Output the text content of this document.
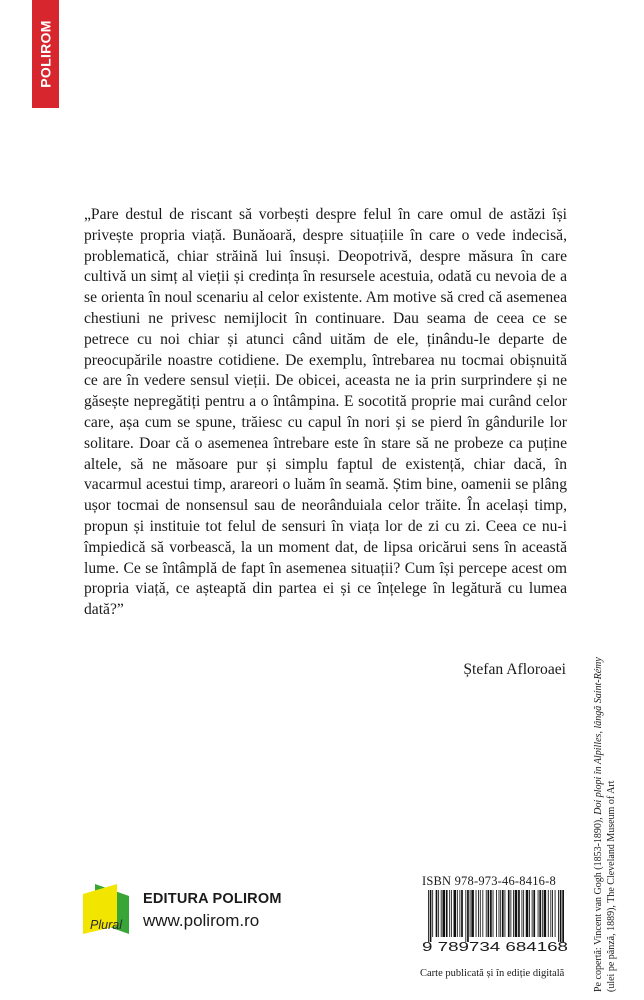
POLIROM

„Pare destul de riscant să vorbești despre felul în care omul de astăzi își privește propria viață. Bunăoară, despre situațiile în care o vede indecisă, problematică, chiar străină lui însuși. Deopotrivă, despre măsura în care cultivă un simț al vieții și credința în resursele acestuia, odată cu nevoia de a se orienta în noul scenariu al celor existente. Am motive să cred că asemenea chestiuni ne privesc nemijlocit în continuare. Dau seama de ceea ce se petrece cu noi chiar și atunci când uităm de ele, ținându-le departe de preocupările noastre cotidiene. De exemplu, întrebarea nu tocmai obișnuită ce are în vedere sensul vieții. De obicei, aceasta ne ia prin surprindere și ne găsește nepregătiți pentru a o întâmpina. E socotită proprie mai curând celor care, așa cum se spune, trăiesc cu capul în nori și se pierd în gândurile lor solitare. Doar că o asemenea întrebare este în stare să ne probeze ca puține altele, să ne măsoare pur și simplu faptul de existență, chiar dacă, în vacarmul acestui timp, arareori o luăm în seamă. Știm bine, oamenii se plâng ușor tocmai de nonsensul sau de neorânduiala celor trăite. În același timp, propun și instituie tot felul de sensuri în viața lor de zi cu zi. Ceea ce nu-i împiedică să vorbească, la un moment dat, de lipsa oricărui sens în această lume. Ce se întâmplă de fapt în asemenea situații? Cum își percepe acest om propria viață, ce așteaptă din partea ei și ce înțelege în legătură cu lumea dată?”

Ștefan Afloroaei
Pe copertă: Vincent van Gogh (1853-1890), Doi plopi în Alpilles, lângă Saint-Rémy
(ulei pe pânză, 1889), The Cleveland Museum of Art
Plural
EDITURA POLIROM
www.polirom.ro
ISBN 978-973-46-8416-8
9 789734 684168
Carte publicată și în ediție digitală
